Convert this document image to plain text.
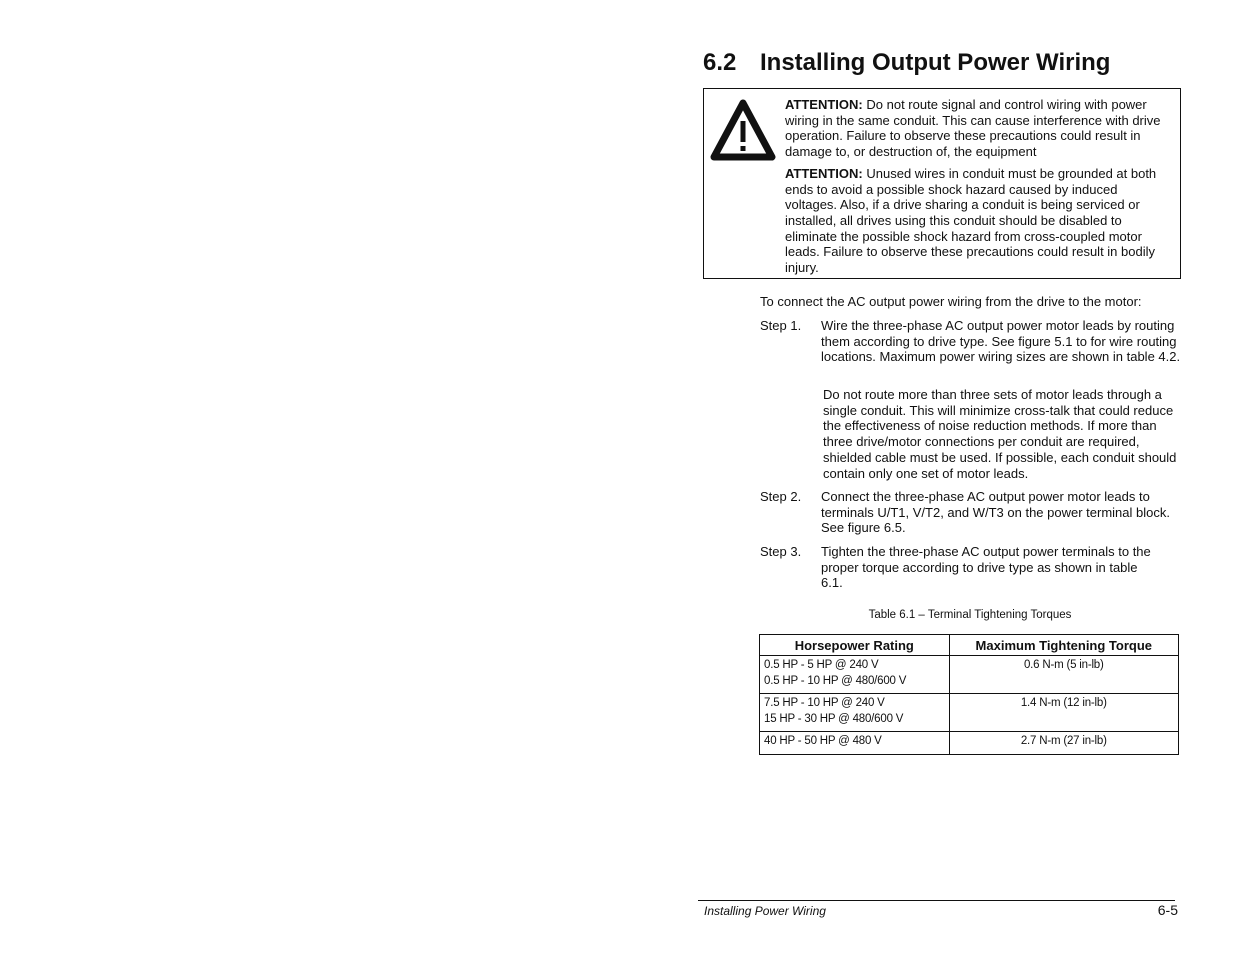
6.2 Installing Output Power Wiring

ATTENTION: Do not route signal and control wiring with power wiring in the same conduit. This can cause interference with drive operation. Failure to observe these precautions could result in damage to, or destruction of, the equipment

ATTENTION: Unused wires in conduit must be grounded at both ends to avoid a possible shock hazard caused by induced voltages. Also, if a drive sharing a conduit is being serviced or installed, all drives using this conduit should be disabled to eliminate the possible shock hazard from cross-coupled motor leads. Failure to observe these precautions could result in bodily injury.

To connect the AC output power wiring from the drive to the motor:
Step 1. Wire the three-phase AC output power motor leads by routing them according to drive type. See figure 5.1 to for wire routing locations. Maximum power wiring sizes are shown in table 4.2.
Do not route more than three sets of motor leads through a single conduit. This will minimize cross-talk that could reduce the effectiveness of noise reduction methods. If more than three drive/motor connections per conduit are required, shielded cable must be used. If possible, each conduit should contain only one set of motor leads.
Step 2. Connect the three-phase AC output power motor leads to terminals U/T1, V/T2, and W/T3 on the power terminal block. See figure 6.5.
Step 3. Tighten the three-phase AC output power terminals to the proper torque according to drive type as shown in table 6.1.
Table 6.1 – Terminal Tightening Torques
Horsepower Rating	Maximum Tightening Torque

0.5 HP - 5 HP @ 240 V
0.5 HP - 10 HP @ 480/600 V	0.6 N-m (5 in-lb)

7.5 HP - 10 HP @ 240 V
15 HP - 30 HP @ 480/600 V	1.4 N-m (12 in-lb)

40 HP - 50 HP @ 480 V	2.7 N-m (27 in-lb)
Installing Power Wiring	6-5
